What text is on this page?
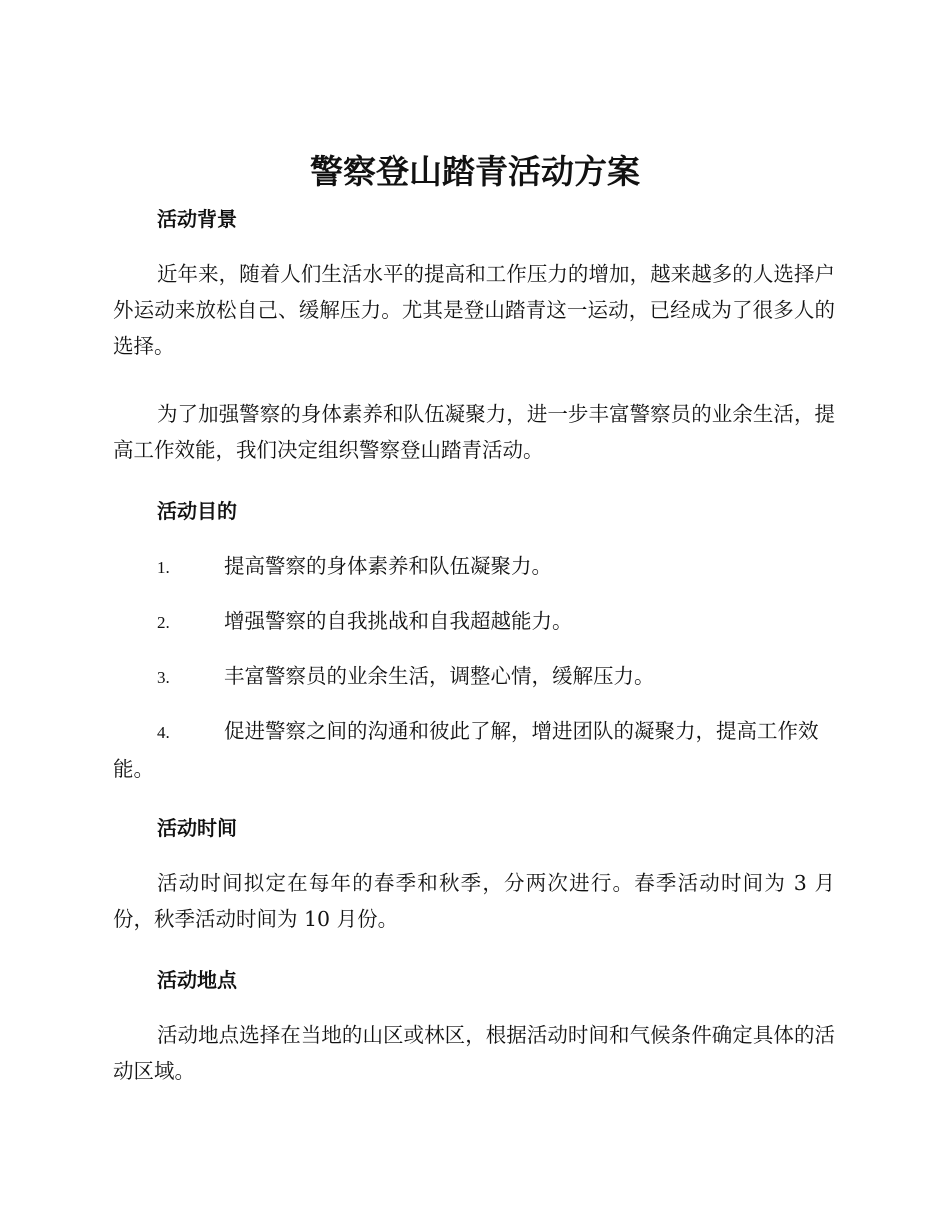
警察登山踏青活动方案
活动背景

近年来，随着人们生活水平的提高和工作压力的增加，越来越多的人选择户外运动来放松自己、缓解压力。尤其是登山踏青这一运动，已经成为了很多人的选择。

为了加强警察的身体素养和队伍凝聚力，进一步丰富警察员的业余生活，提高工作效能，我们决定组织警察登山踏青活动。

活动目的

1.	提高警察的身体素养和队伍凝聚力。

2.	增强警察的自我挑战和自我超越能力。

3.	丰富警察员的业余生活，调整心情，缓解压力。

4.	促进警察之间的沟通和彼此了解，增进团队的凝聚力，提高工作效能。

活动时间

活动时间拟定在每年的春季和秋季，分两次进行。春季活动时间为 3 月份，秋季活动时间为 10 月份。

活动地点

活动地点选择在当地的山区或林区，根据活动时间和气候条件确定具体的活动区域。
